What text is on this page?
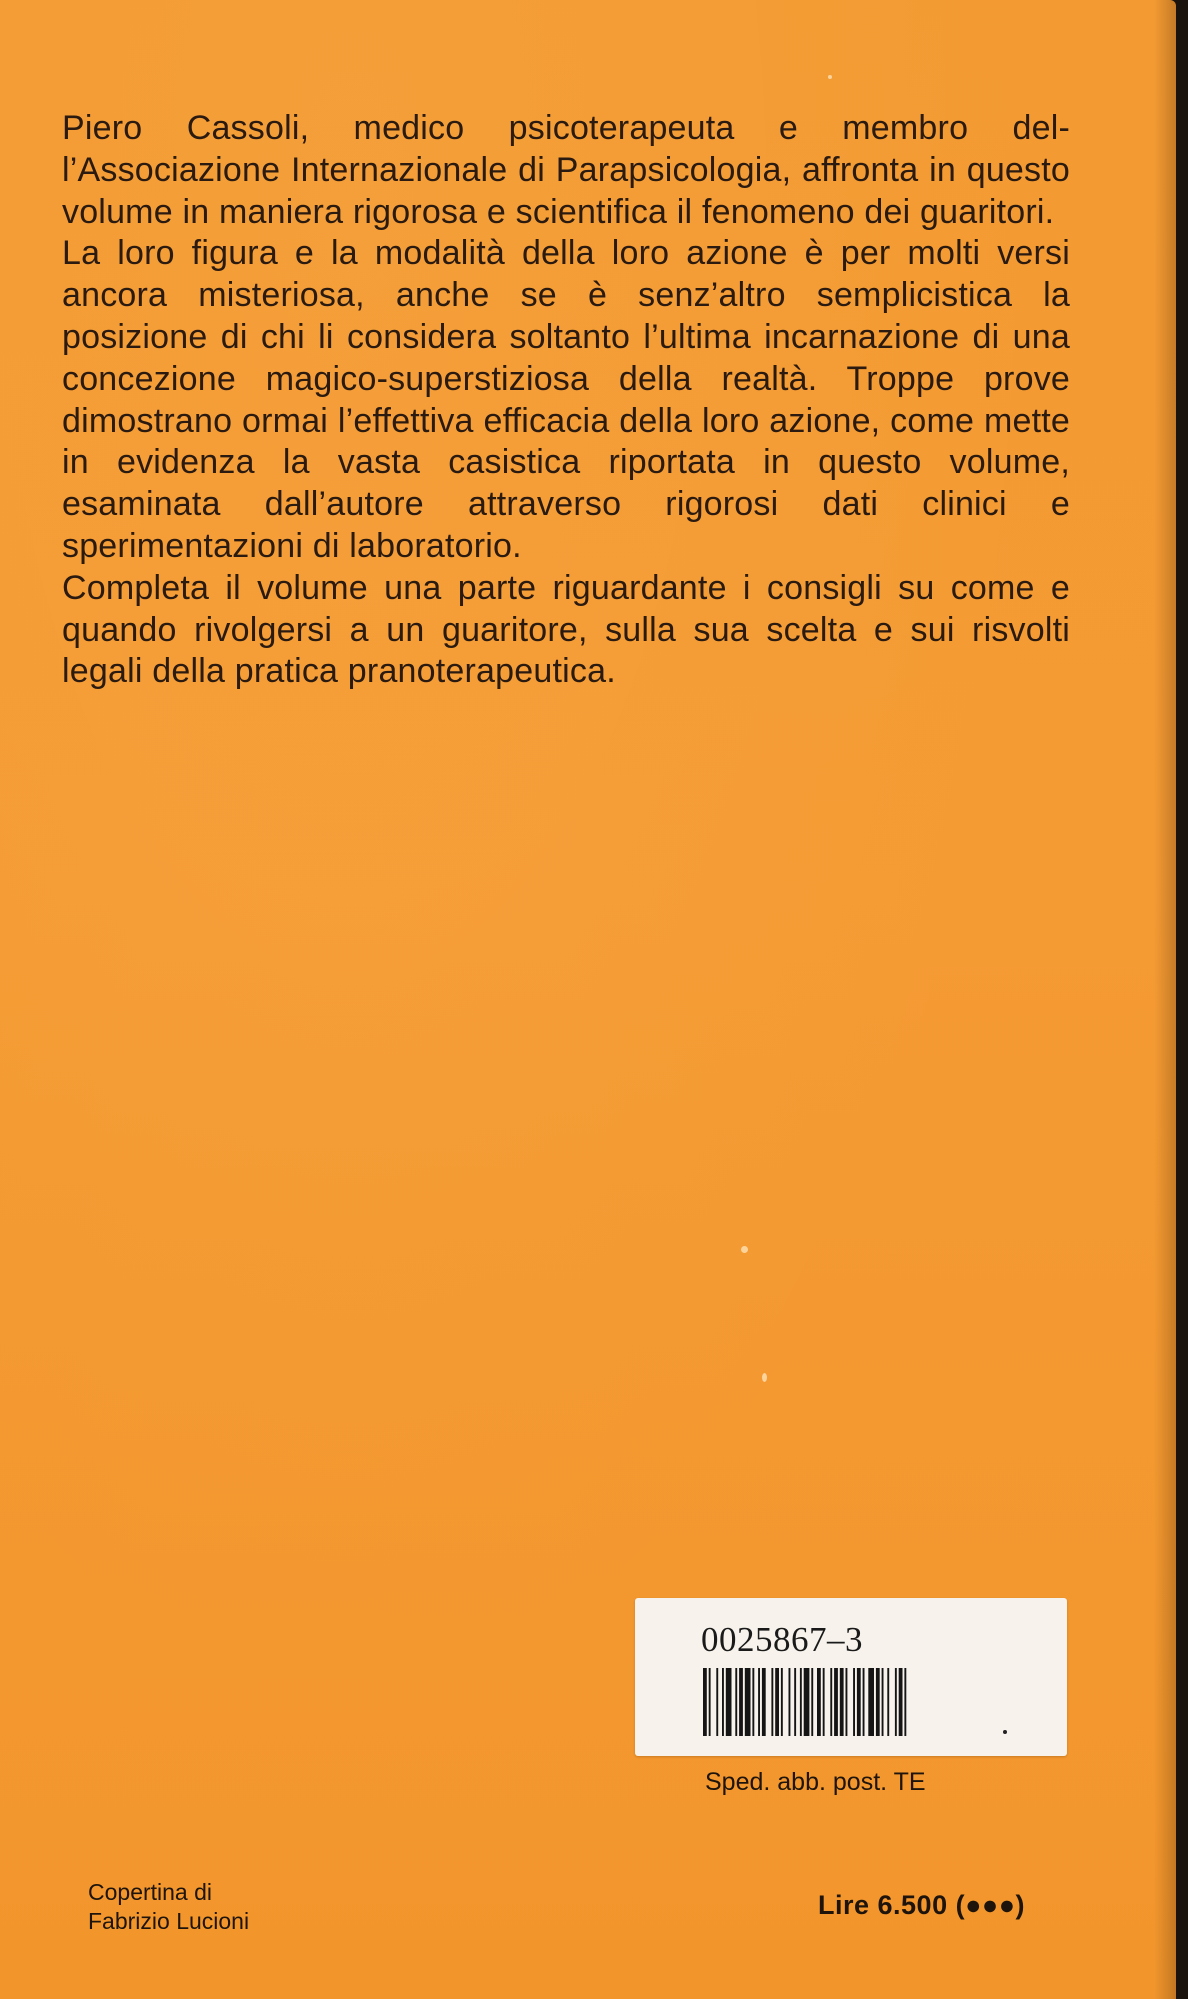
Piero Cassoli, medico psicoterapeuta e membro del-l’Associazione Internazionale di Parapsicologia, affronta in questo volume in maniera rigorosa e scientifica il fenomeno dei guaritori.

La loro figura e la modalità della loro azione è per molti versi ancora misteriosa, anche se è senz’altro semplicistica la posizione di chi li considera soltanto l’ultima incarnazione di una concezione magico-superstiziosa della realtà. Troppe prove dimostrano ormai l’effettiva efficacia della loro azione, come mette in evidenza la vasta casistica riportata in questo volume, esaminata dall’autore attraverso rigorosi dati clinici e sperimentazioni di laboratorio.

Completa il volume una parte riguardante i consigli su come e quando rivolgersi a un guaritore, sulla sua scelta e sui risvolti legali della pratica pranoterapeutica.

0025867–3
Sped. abb. post. TE
Copertina di
Fabrizio Lucioni
Lire 6.500 (●●●)
